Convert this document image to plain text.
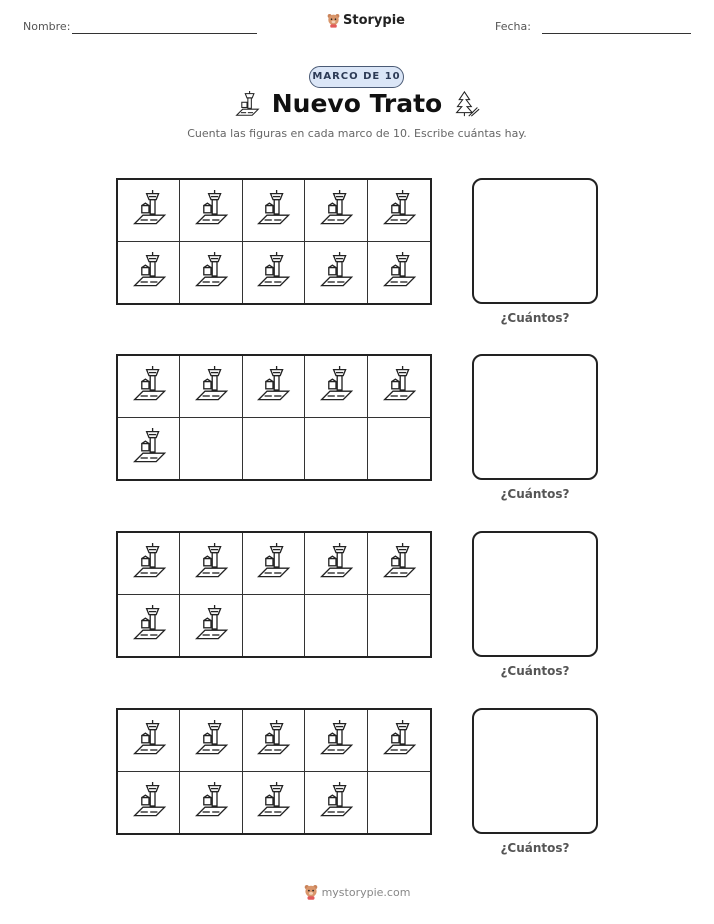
Nombre:	Storypie	Fecha:
MARCO DE 10
Nuevo Trato
Cuenta las figuras en cada marco de 10. Escribe cuántas hay.
¿Cuántos?
¿Cuántos?
¿Cuántos?
¿Cuántos?
mystorypie.com
